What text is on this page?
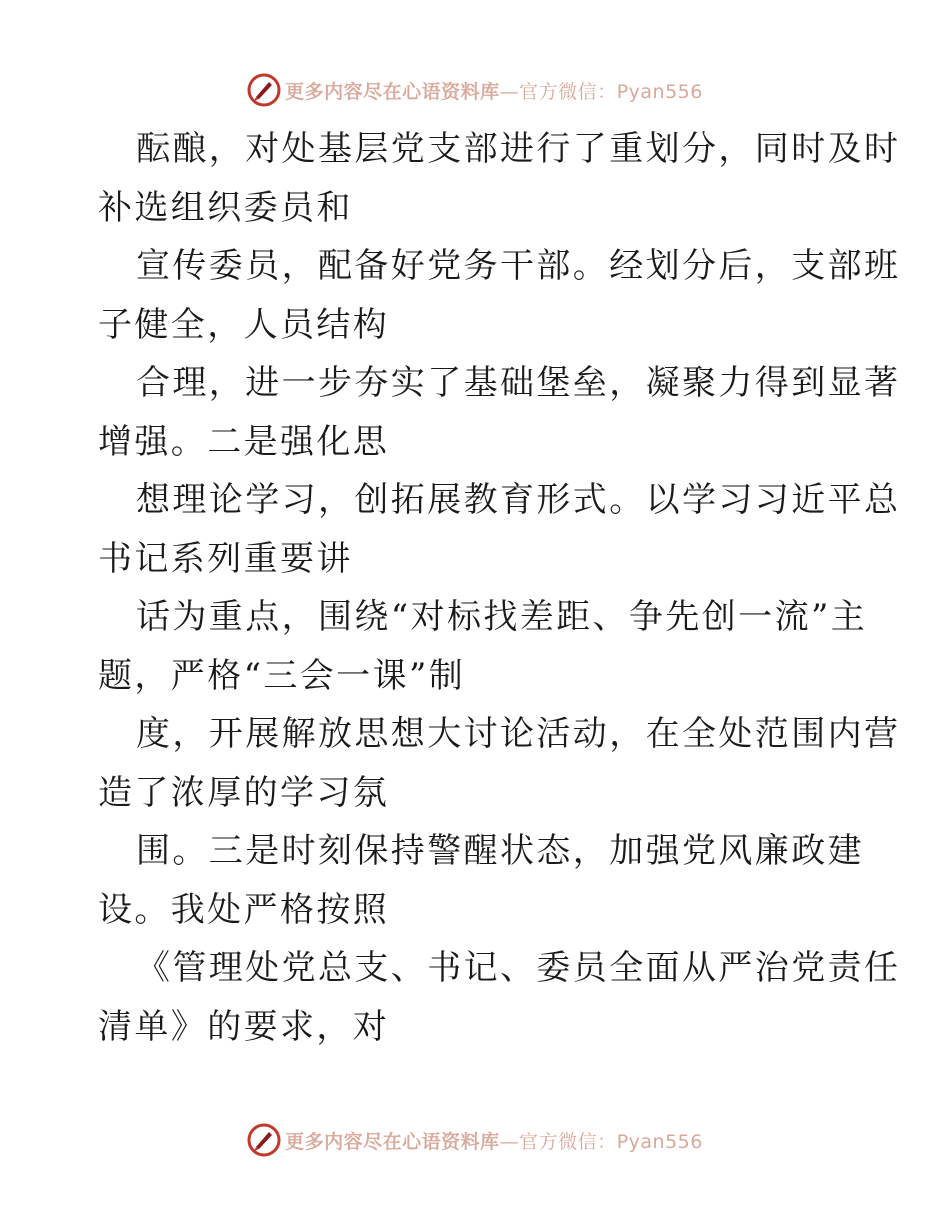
更多内容尽在心语资料库—官方微信：Pyan556
酝酿，对处基层党支部进行了重划分，同时及时
补选组织委员和
宣传委员，配备好党务干部。经划分后，支部班
子健全，人员结构
合理，进一步夯实了基础堡垒，凝聚力得到显著
增强。二是强化思
想理论学习，创拓展教育形式。以学习习近平总
书记系列重要讲
话为重点，围绕“对标找差距、争先创一流”主
题，严格“三会一课”制
度，开展解放思想大讨论活动，在全处范围内营
造了浓厚的学习氛
围。三是时刻保持警醒状态，加强党风廉政建
设。我处严格按照
《管理处党总支、书记、委员全面从严治党责任
清单》的要求，对
更多内容尽在心语资料库—官方微信：Pyan556
